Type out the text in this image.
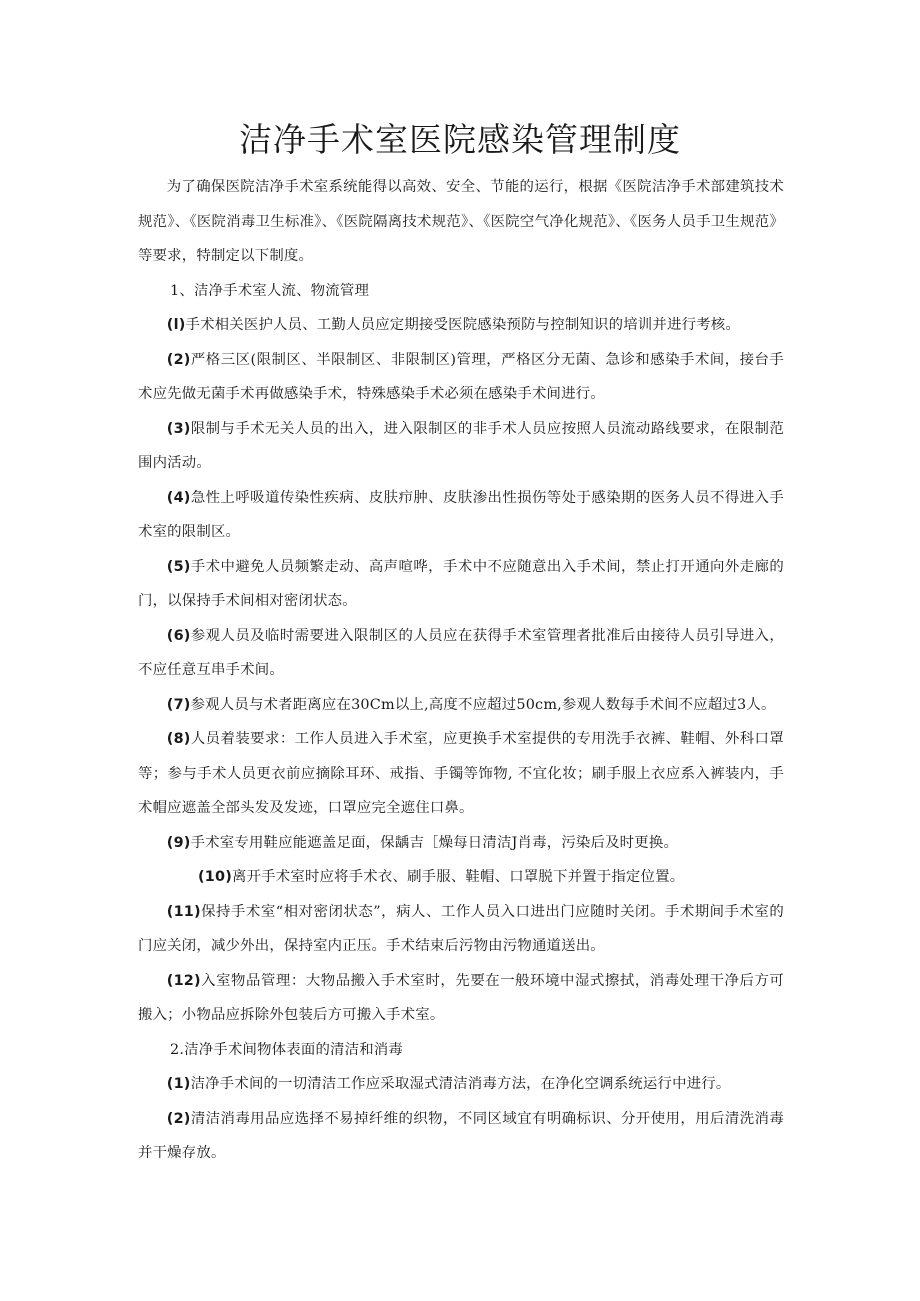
洁净手术室医院感染管理制度

为了确保医院洁净手术室系统能得以高效、安全、节能的运行，根据《医院洁净手术部建筑技术规范》、《医院消毒卫生标准》、《医院隔离技术规范》、《医院空气净化规范》、《医务人员手卫生规范》等要求，特制定以下制度。

1、洁净手术室人流、物流管理

(l)手术相关医护人员、工勤人员应定期接受医院感染预防与控制知识的培训并进行考核。

(2)严格三区(限制区、半限制区、非限制区)管理，严格区分无菌、急诊和感染手术间，接台手术应先做无菌手术再做感染手术，特殊感染手术必须在感染手术间进行。

(3)限制与手术无关人员的出入，进入限制区的非手术人员应按照人员流动路线要求，在限制范围内活动。

(4)急性上呼吸道传染性疾病、皮肤疖肿、皮肤渗出性损伤等处于感染期的医务人员不得进入手术室的限制区。

(5)手术中避免人员频繁走动、高声喧哗，手术中不应随意出入手术间，禁止打开通向外走廊的门，以保持手术间相对密闭状态。

(6)参观人员及临时需要进入限制区的人员应在获得手术室管理者批准后由接待人员引导进入，不应任意互串手术间。

(7)参观人员与术者距离应在30Cm以上,高度不应超过50cm,参观人数每手术间不应超过3人。

(8)人员着装要求：工作人员进入手术室，应更换手术室提供的专用洗手衣裤、鞋帽、外科口罩等；参与手术人员更衣前应摘除耳环、戒指、手镯等饰物, 不宜化妆；刷手服上衣应系入裤装内，手术帽应遮盖全部头发及发迹，口罩应完全遮住口鼻。

(9)手术室专用鞋应能遮盖足面，保龋吉［燥每日清洁J肖毒，污染后及时更换。

(10)离开手术室时应将手术衣、刷手服、鞋帽、口罩脱下并置于指定位置。

(11)保持手术室“相对密闭状态”，病人、工作人员入口进出门应随时关闭。手术期间手术室的门应关闭，减少外出，保持室内正压。手术结束后污物由污物通道送出。

(12)入室物品管理：大物品搬入手术室时，先要在一般环境中湿式擦拭，消毒处理干净后方可搬入；小物品应拆除外包装后方可搬入手术室。

2.洁净手术间物体表面的清洁和消毒

(1)洁净手术间的一切清洁工作应采取湿式清洁消毒方法，在净化空调系统运行中进行。

(2)清洁消毒用品应选择不易掉纤维的织物，不同区域宜有明确标识、分开使用，用后清洗消毒并干燥存放。
